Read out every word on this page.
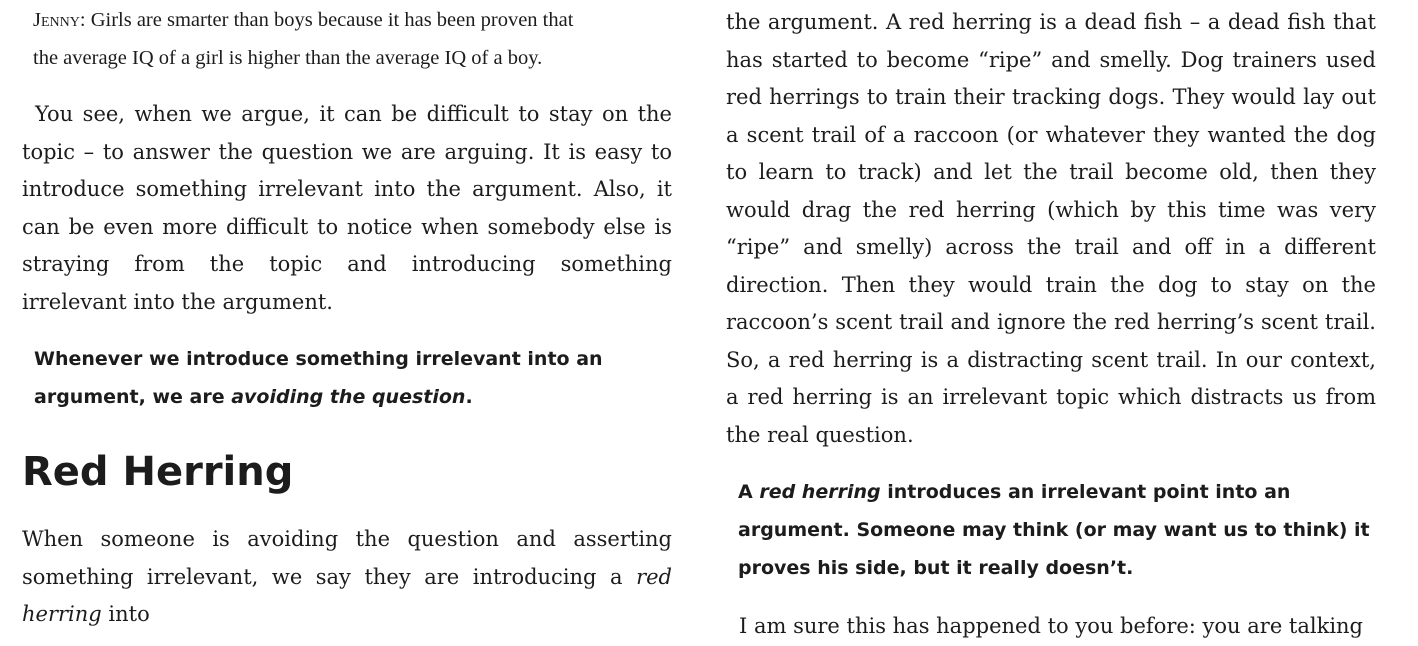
Jenny: Girls are smarter than boys because it has been proven that
the average IQ of a girl is higher than the average IQ of a boy.

You see, when we argue, it can be difficult to stay on the topic – to answer the question we are arguing. It is easy to introduce something irrelevant into the argument. Also, it can be even more difficult to notice when somebody else is straying from the topic and introducing something irrelevant into the argument.

Whenever we introduce something irrelevant into an argument, we are avoiding the question.

Red Herring

When someone is avoiding the question and asserting something irrelevant, we say they are introducing a red herring into

the argument. A red herring is a dead fish – a dead fish that has started to become “ripe” and smelly. Dog trainers used red herrings to train their tracking dogs. They would lay out a scent trail of a raccoon (or whatever they wanted the dog to learn to track) and let the trail become old, then they would drag the red herring (which by this time was very “ripe” and smelly) across the trail and off in a different direction. Then they would train the dog to stay on the raccoon’s scent trail and ignore the red herring’s scent trail. So, a red herring is a distracting scent trail. In our context, a red herring is an irrelevant topic which distracts us from the real question.

A red herring introduces an irrelevant point into an argument. Someone may think (or may want us to think) it proves his side, but it really doesn’t.

I am sure this has happened to you before: you are talking
